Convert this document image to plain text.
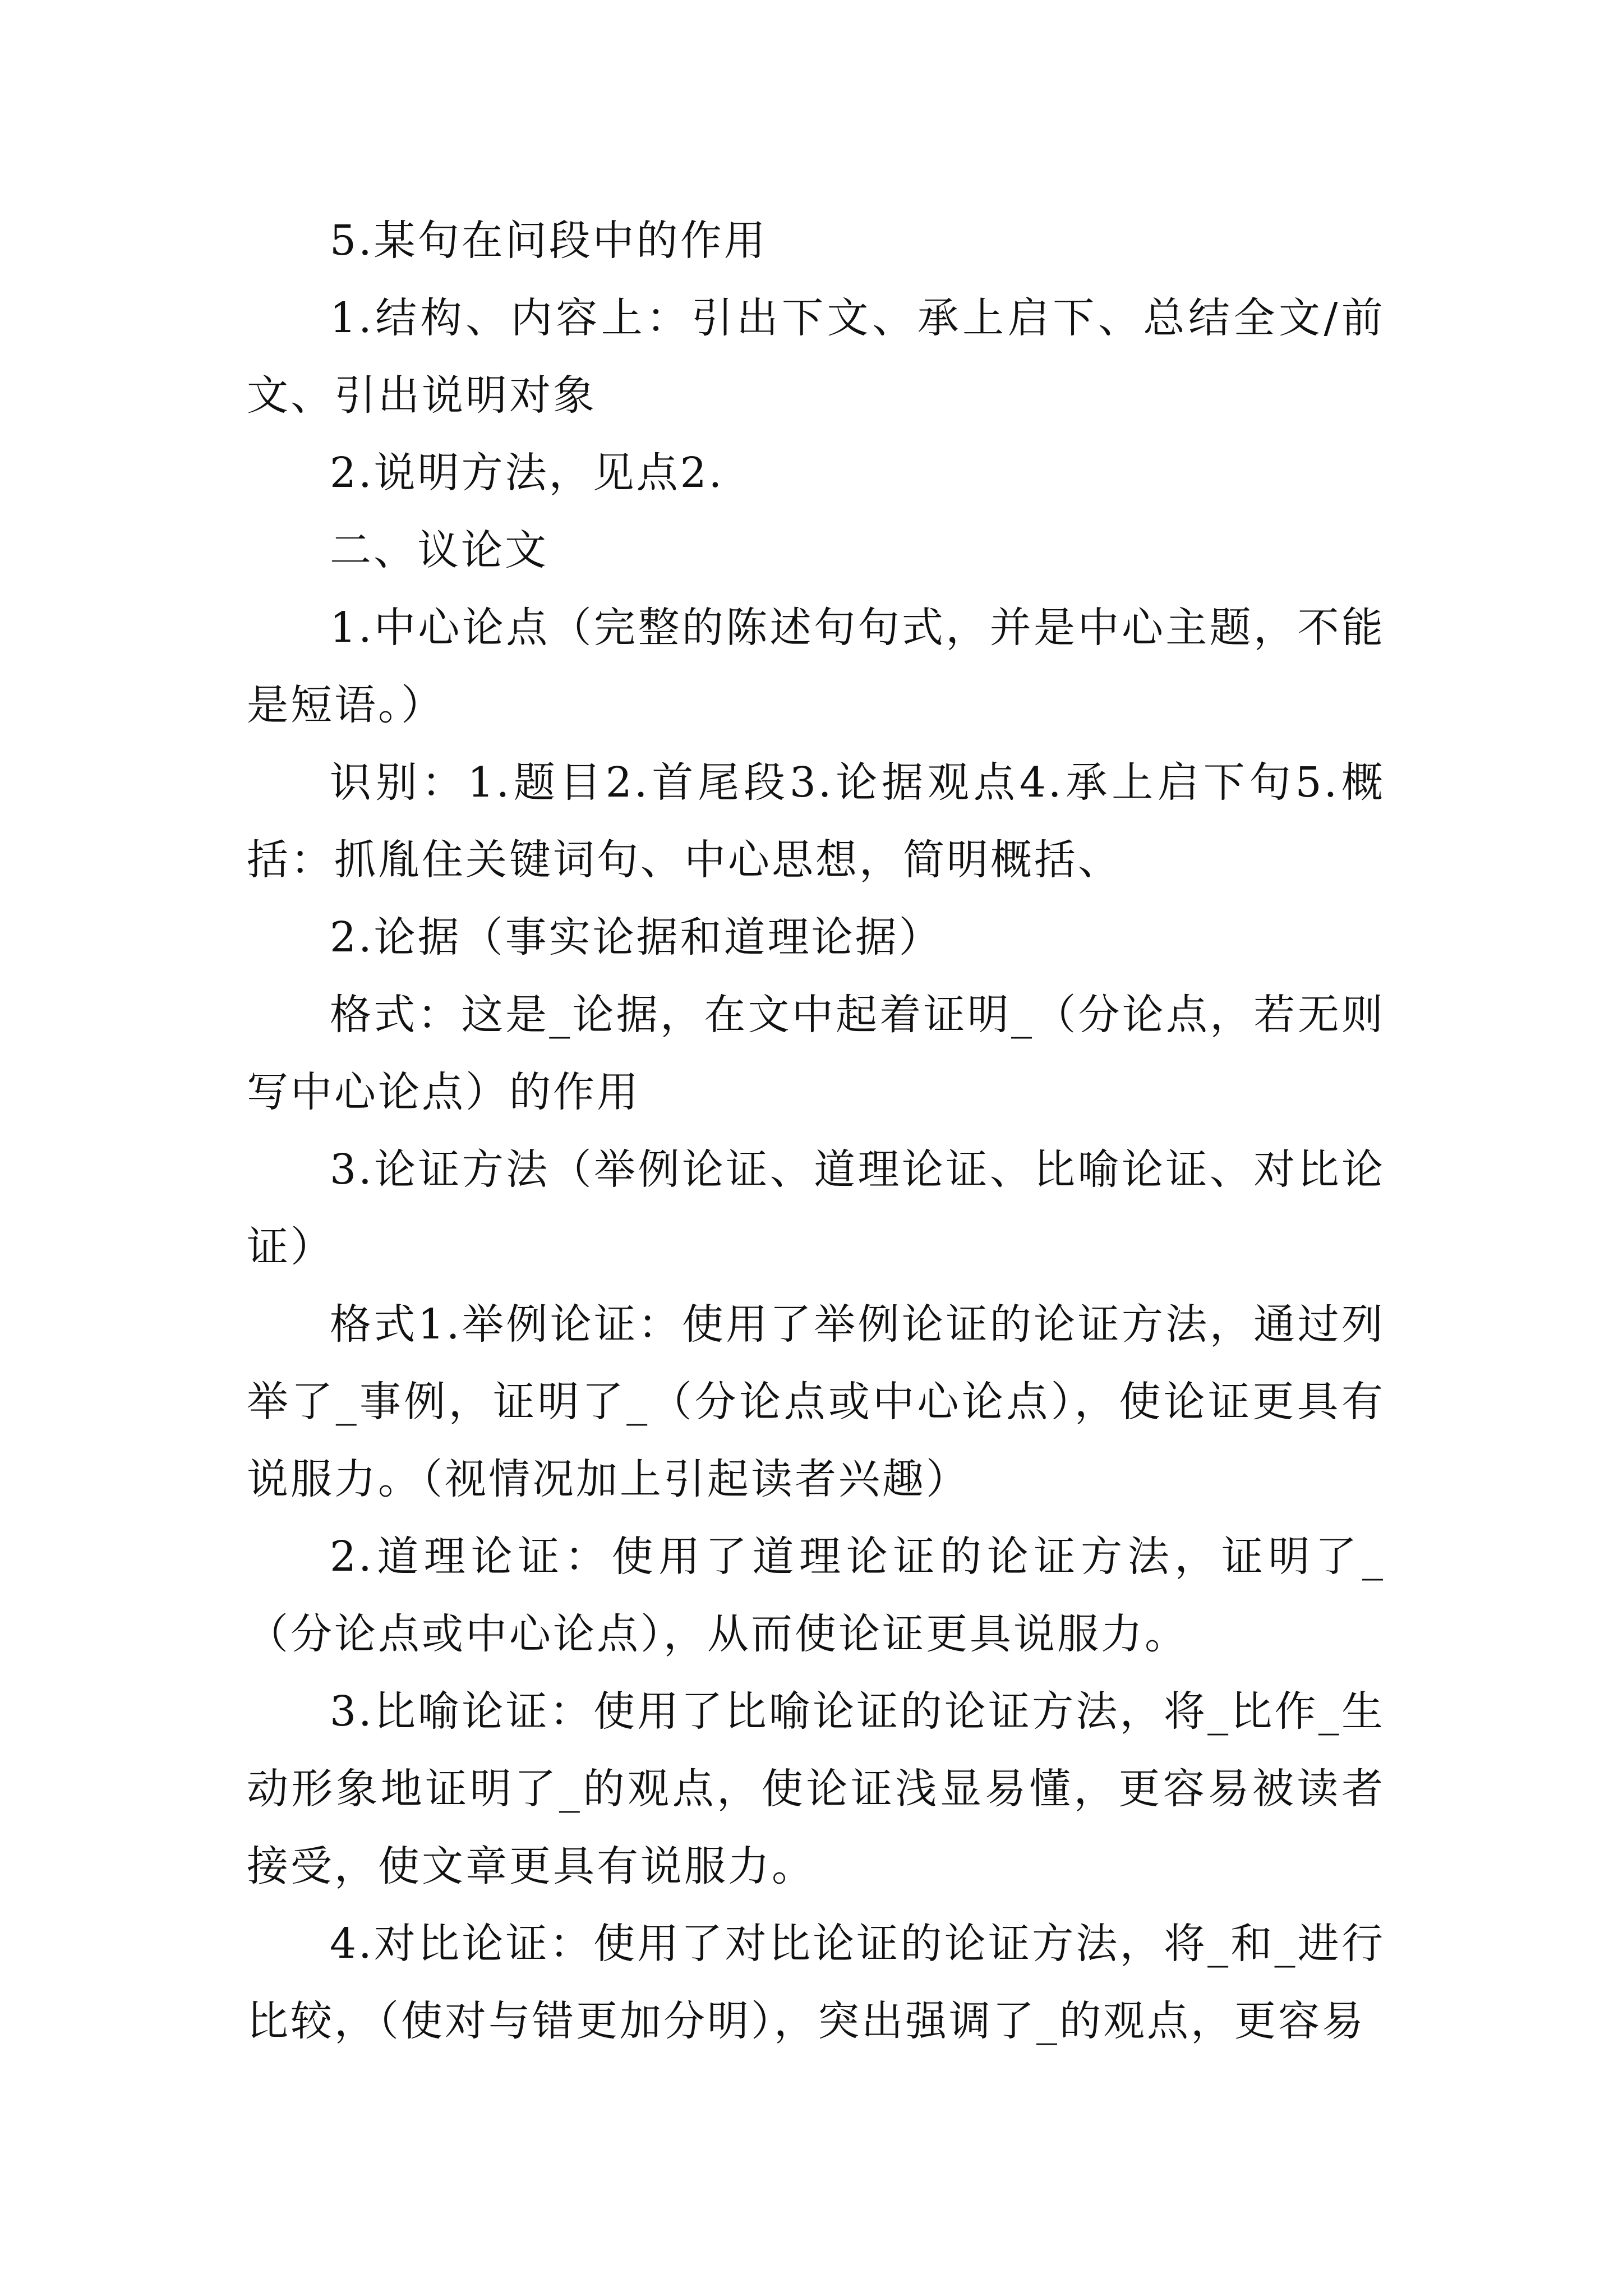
5.某句在问段中的作用

1.结构、内容上：引出下文、承上启下、总结全文/前文、引出说明对象

2.说明方法，见点2.

二、议论文

1.中心论点（完整的陈述句句式，并是中心主题，不能是短语。）

识别：1.题目2.首尾段3.论据观点4.承上启下句5.概括：抓胤住关键词句、中心思想，简明概括、

2.论据（事实论据和道理论据）

格式：这是_论据，在文中起着证明_（分论点，若无则写中心论点）的作用

3.论证方法（举例论证、道理论证、比喻论证、对比论证）

格式1.举例论证：使用了举例论证的论证方法，通过列举了_事例，证明了_（分论点或中心论点），使论证更具有说服力。（视情况加上引起读者兴趣）

2.道理论证：使用了道理论证的论证方法，证明了_（分论点或中心论点），从而使论证更具说服力。

3.比喻论证：使用了比喻论证的论证方法，将_比作_生动形象地证明了_的观点，使论证浅显易懂，更容易被读者接受，使文章更具有说服力。

4.对比论证：使用了对比论证的论证方法，将_和_进行比较，（使对与错更加分明），突出强调了_的观点，更容易
